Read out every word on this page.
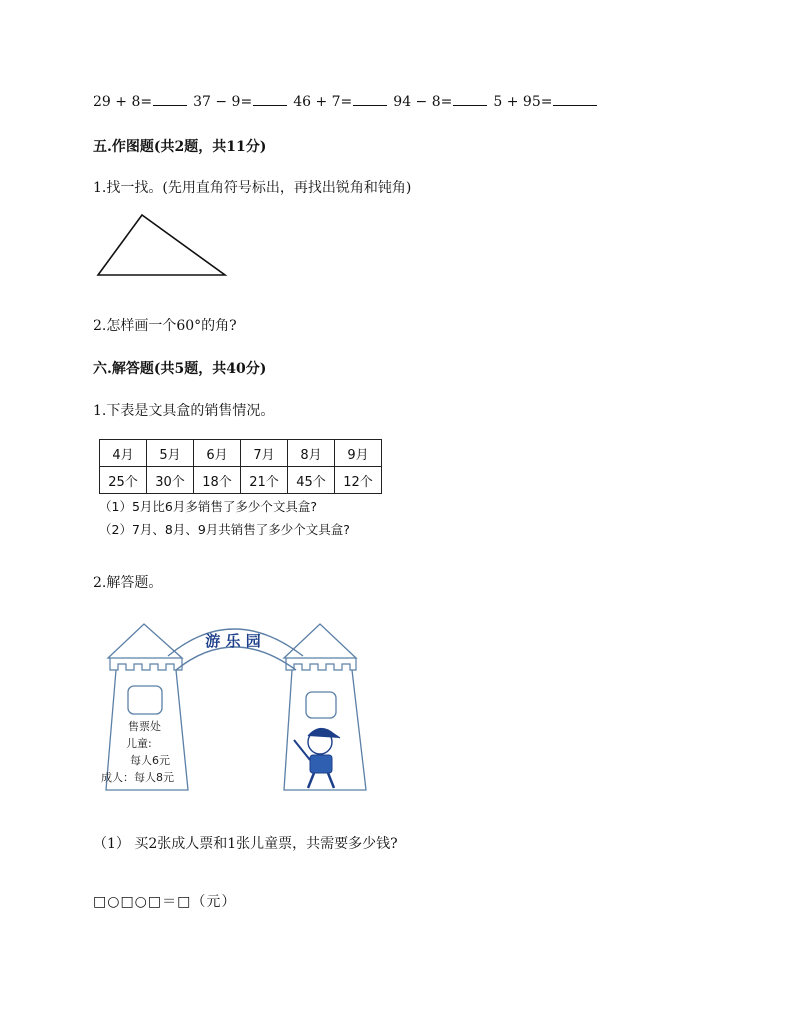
29 + 8=	37 − 9=	46 + 7=	94 − 8=	5 + 95=
五.作图题(共2题，共11分)
1.找一找。(先用直角符号标出，再找出锐角和钝角)
2.怎样画一个60°的角?
六.解答题(共5题，共40分)
1.下表是文具盒的销售情况。
4月	5月	6月	7月	8月	9月
25个	30个	18个	21个	45个	12个
（1）5月比6月多销售了多少个文具盒?
（2）7月、8月、9月共销售了多少个文具盒?
2.解答题。
游 乐 园
售票处
儿童:
每人6元
成人：每人8元
（1） 买2张成人票和1张儿童票，共需要多少钱?
□○□○□＝□（元）
